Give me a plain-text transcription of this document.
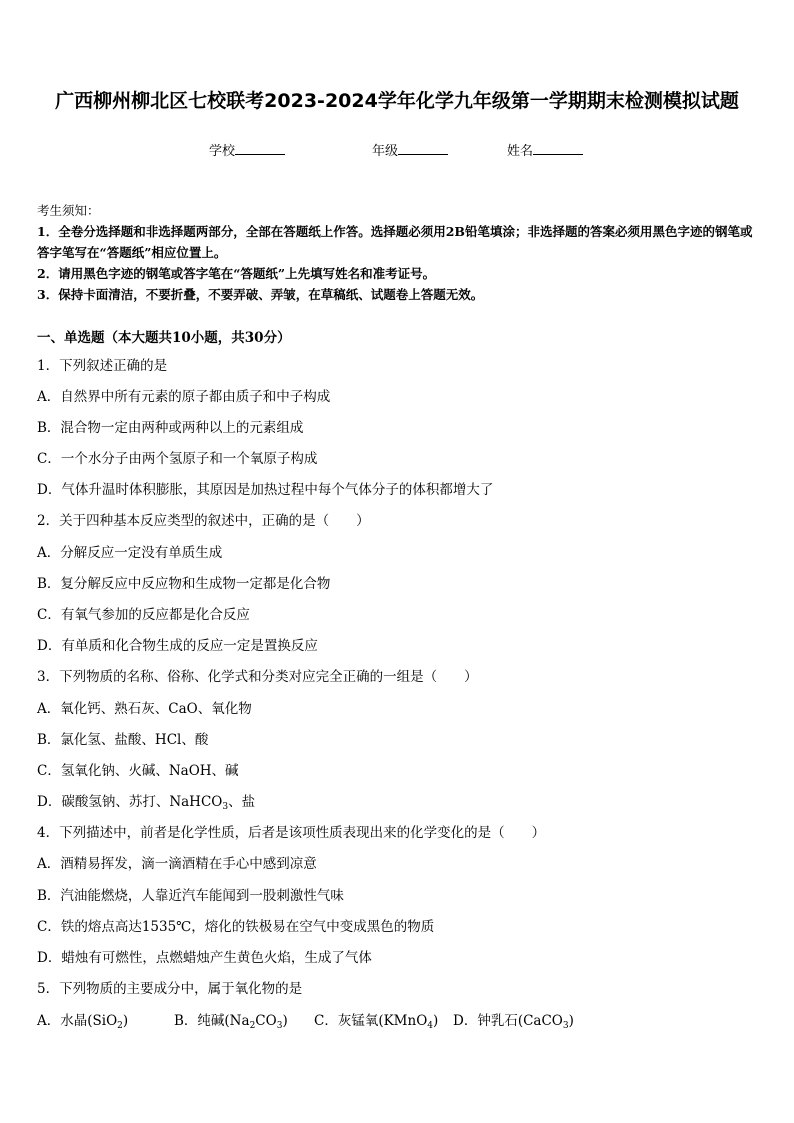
广西柳州柳北区七校联考2023-2024学年化学九年级第一学期期末检测模拟试题
学校	年级	姓名
考生须知：
1．全卷分选择题和非选择题两部分，全部在答题纸上作答。选择题必须用2B铅笔填涂；非选择题的答案必须用黑色字迹的钢笔或答字笔写在“答题纸”相应位置上。
2．请用黑色字迹的钢笔或答字笔在“答题纸”上先填写姓名和准考证号。
3．保持卡面清洁，不要折叠，不要弄破、弄皱，在草稿纸、试题卷上答题无效。
一、单选题（本大题共10小题，共30分）
1．下列叙述正确的是
A．自然界中所有元素的原子都由质子和中子构成
B．混合物一定由两种或两种以上的元素组成
C．一个水分子由两个氢原子和一个氧原子构成
D．气体升温时体积膨胀，其原因是加热过程中每个气体分子的体积都增大了
2．关于四种基本反应类型的叙述中，正确的是（　　）
A．分解反应一定没有单质生成
B．复分解反应中反应物和生成物一定都是化合物
C．有氧气参加的反应都是化合反应
D．有单质和化合物生成的反应一定是置换反应
3．下列物质的名称、俗称、化学式和分类对应完全正确的一组是（　　）
A．氧化钙、熟石灰、CaO、氧化物
B．氯化氢、盐酸、HCl、酸
C．氢氧化钠、火碱、NaOH、碱
D．碳酸氢钠、苏打、NaHCO$_3$、盐
4．下列描述中，前者是化学性质，后者是该项性质表现出来的化学变化的是（　　）
A．酒精易挥发，滴一滴酒精在手心中感到凉意
B．汽油能燃烧，人靠近汽车能闻到一股刺激性气味
C．铁的熔点高达1535℃，熔化的铁极易在空气中变成黑色的物质
D．蜡烛有可燃性，点燃蜡烛产生黄色火焰，生成了气体
5．下列物质的主要成分中，属于氧化物的是
A．水晶(SiO$_2$)	B．纯碱$(Na_2CO_3)$ C．灰锰氧(KMnO$_4$) D．钟乳石(CaCO$_3$)
